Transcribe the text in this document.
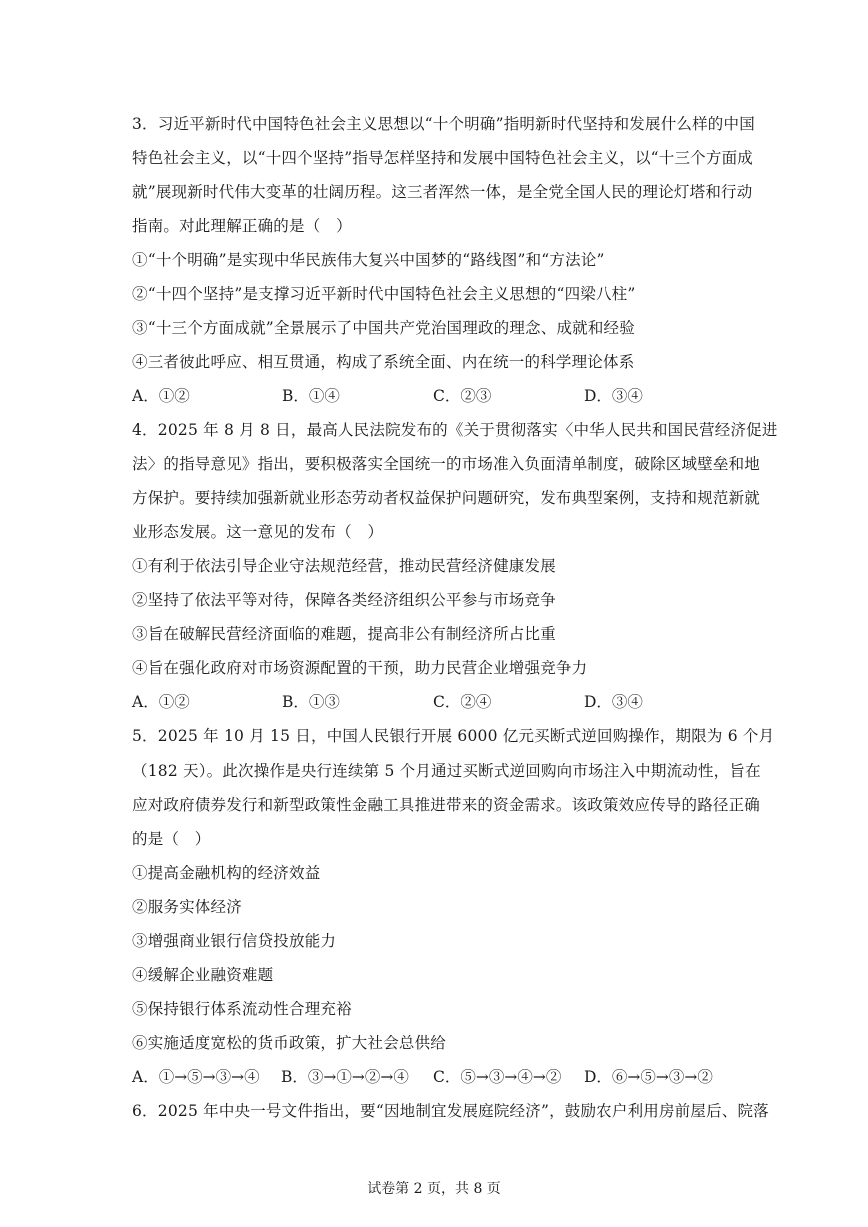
3．习近平新时代中国特色社会主义思想以“十个明确”指明新时代坚持和发展什么样的中国
特色社会主义，以“十四个坚持”指导怎样坚持和发展中国特色社会主义，以“十三个方面成
就”展现新时代伟大变革的壮阔历程。这三者浑然一体，是全党全国人民的理论灯塔和行动
指南。对此理解正确的是（　）
①“十个明确”是实现中华民族伟大复兴中国梦的“路线图”和“方法论”
②“十四个坚持”是支撑习近平新时代中国特色社会主义思想的“四梁八柱”
③“十三个方面成就”全景展示了中国共产党治国理政的理念、成就和经验
④三者彼此呼应、相互贯通，构成了系统全面、内在统一的科学理论体系
A．①②	B．①④	C．②③	D．③④
4．2025 年 8 月 8 日，最高人民法院发布的《关于贯彻落实〈中华人民共和国民营经济促进
法〉的指导意见》指出，要积极落实全国统一的市场准入负面清单制度，破除区域壁垒和地
方保护。要持续加强新就业形态劳动者权益保护问题研究，发布典型案例，支持和规范新就
业形态发展。这一意见的发布（　）
①有利于依法引导企业守法规范经营，推动民营经济健康发展
②坚持了依法平等对待，保障各类经济组织公平参与市场竞争
③旨在破解民营经济面临的难题，提高非公有制经济所占比重
④旨在强化政府对市场资源配置的干预，助力民营企业增强竞争力
A．①②	B．①③	C．②④	D．③④
5．2025 年 10 月 15 日，中国人民银行开展 6000 亿元买断式逆回购操作，期限为 6 个月
（182 天）。此次操作是央行连续第 5 个月通过买断式逆回购向市场注入中期流动性，旨在
应对政府债券发行和新型政策性金融工具推进带来的资金需求。该政策效应传导的路径正确
的是（　）
①提高金融机构的经济效益
②服务实体经济
③增强商业银行信贷投放能力
④缓解企业融资难题
⑤保持银行体系流动性合理充裕
⑥实施适度宽松的货币政策，扩大社会总供给
A．①→⑤→③→④ B．③→①→②→④ C．⑤→③→④→② D．⑥→⑤→③→②
6．2025 年中央一号文件指出，要“因地制宜发展庭院经济”，鼓励农户利用房前屋后、院落
试卷第 2 页，共 8 页
